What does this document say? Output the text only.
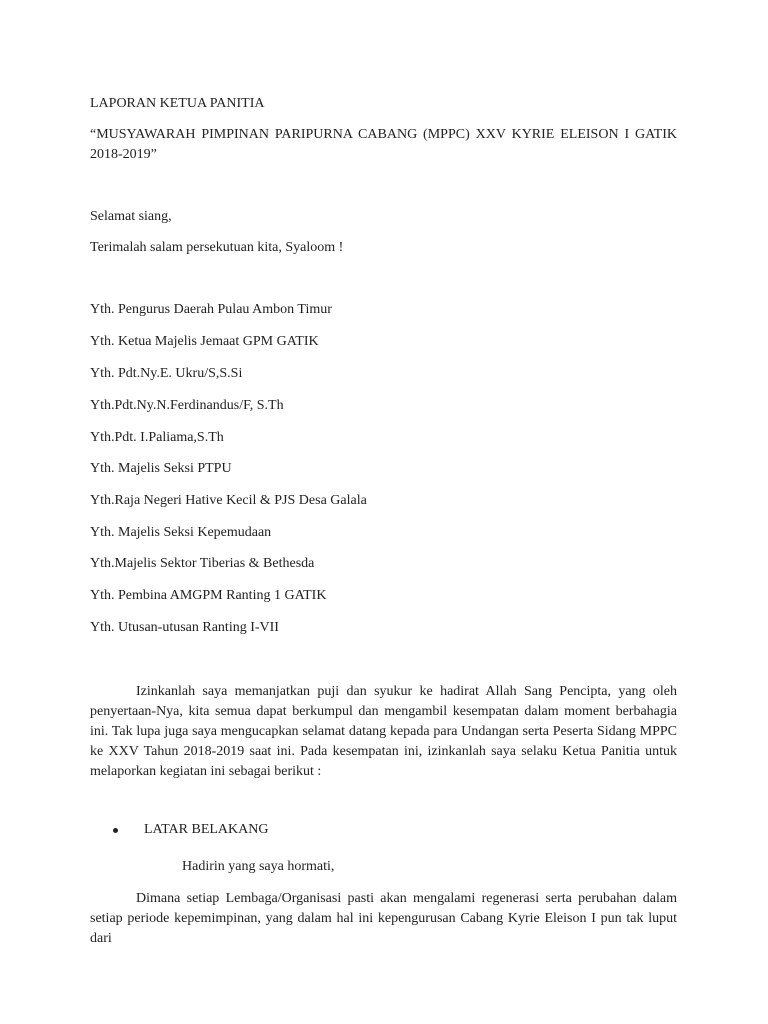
LAPORAN KETUA PANITIA

“MUSYAWARAH PIMPINAN PARIPURNA CABANG (MPPC) XXV KYRIE ELEISON I GATIK 2018-2019”

Selamat siang,

Terimalah salam persekutuan kita, Syaloom !

Yth. Pengurus Daerah Pulau Ambon Timur

Yth. Ketua Majelis Jemaat GPM GATIK

Yth. Pdt.Ny.E. Ukru/S,S.Si

Yth.Pdt.Ny.N.Ferdinandus/F, S.Th

Yth.Pdt. I.Paliama,S.Th

Yth. Majelis Seksi PTPU

Yth.Raja Negeri Hative Kecil & PJS Desa Galala

Yth. Majelis Seksi Kepemudaan

Yth.Majelis Sektor Tiberias & Bethesda

Yth. Pembina AMGPM Ranting 1 GATIK

Yth. Utusan-utusan Ranting I-VII

Izinkanlah saya memanjatkan puji dan syukur ke hadirat Allah Sang Pencipta, yang oleh penyertaan-Nya, kita semua dapat berkumpul dan mengambil kesempatan dalam moment berbahagia ini. Tak lupa juga saya mengucapkan selamat datang kepada para Undangan serta Peserta Sidang MPPC ke XXV Tahun 2018-2019 saat ini. Pada kesempatan ini, izinkanlah saya selaku Ketua Panitia untuk melaporkan kegiatan ini sebagai berikut :

LATAR BELAKANG

Hadirin yang saya hormati,

Dimana setiap Lembaga/Organisasi pasti akan mengalami regenerasi serta perubahan dalam setiap periode kepemimpinan, yang dalam hal ini kepengurusan Cabang Kyrie Eleison I pun tak luput dari
